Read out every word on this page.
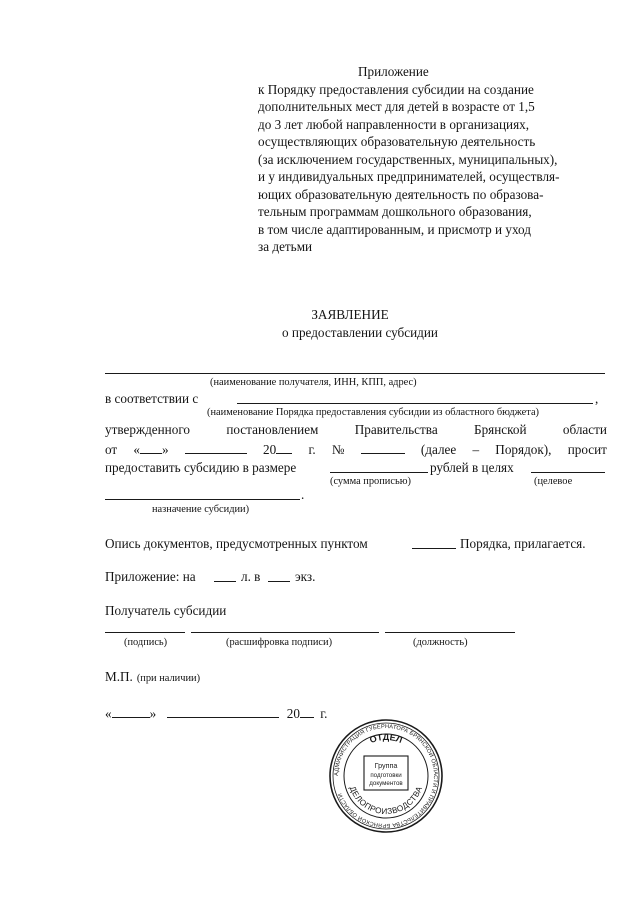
Приложение
к Порядку предоставления субсидии на создание
дополнительных мест для детей в возрасте от 1,5
до 3 лет любой направленности в организациях,
осуществляющих образовательную деятельность
(за исключением государственных, муниципальных),
и у индивидуальных предпринимателей, осуществля-
ющих образовательную деятельность по образова-
тельным программам дошкольного образования,
в том числе адаптированным, и присмотр и уход
за детьми
ЗАЯВЛЕНИЕ
о предоставлении субсидии
(наименование получателя, ИНН, КПП, адрес)
в соответствии с	,
(наименование Порядка предоставления субсидии из областного бюджета)
утвержденного	постановлением	Правительства	Брянской	области
от « »	20	г. №	(далее – Порядок), просит
предоставить субсидию в размере	рублей в целях
(сумма прописью)	(целевое
.
назначение субсидии)
Опись документов, предусмотренных пунктом	Порядка, прилагается.
Приложение: на	л. в	экз.
Получатель субсидии
(подпись)	(расшифровка подписи)	(должность)
М.П. (при наличии)
«	»	20 г.
АДМИНИСТРАЦИЯ ГУБЕРНАТОРА БРЯНСКОЙ ОБЛАСТИ И ПРАВИТЕЛЬСТВА БРЯНСКОЙ ОБЛАСТИ
ОТДЕЛ
ДЕЛОПРОИЗВОДСТВА
Группа
подготовки
документов
